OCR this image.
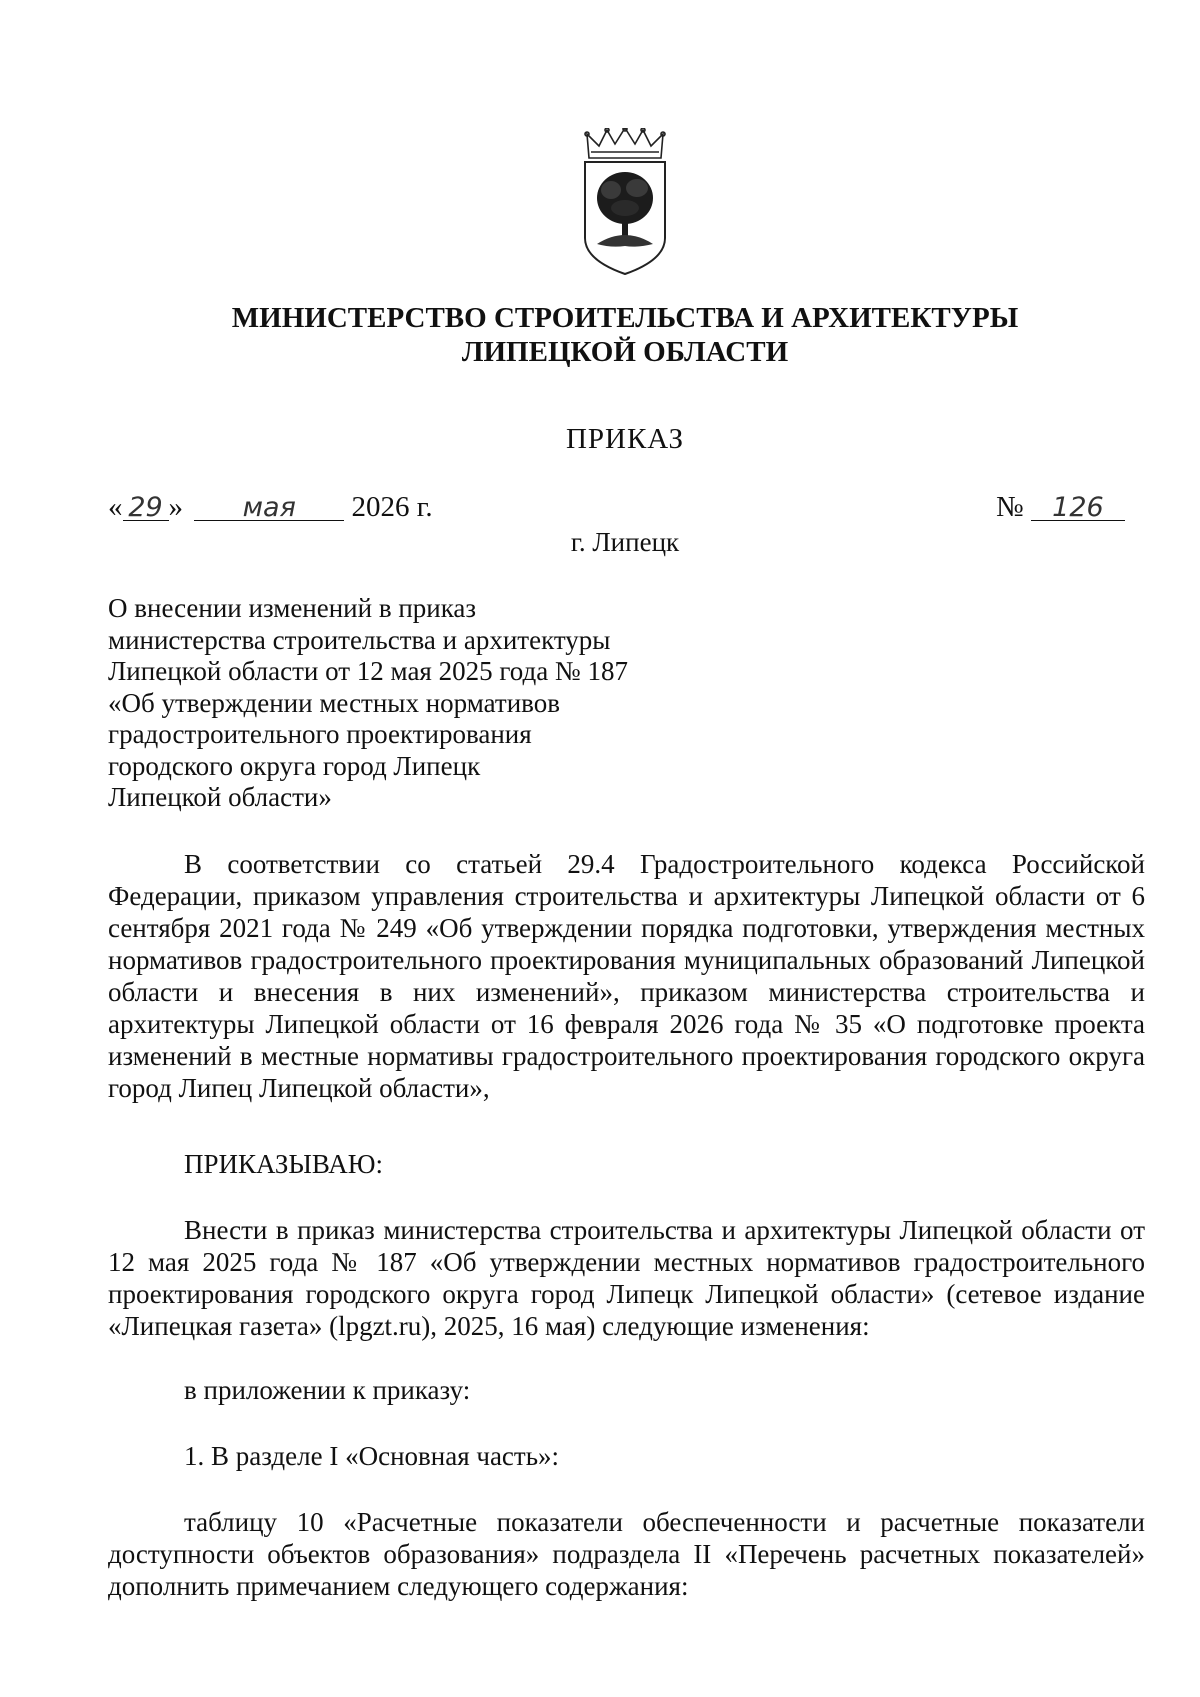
МИНИСТЕРСТВО СТРОИТЕЛЬСТВА И АРХИТЕКТУРЫ
ЛИПЕЦКОЙ ОБЛАСТИ
ПРИКАЗ
« 29 » мая 2026 г.	№ 126
г. Липецк
О внесении изменений в приказ
министерства строительства и архитектуры
Липецкой области от 12 мая 2025 года № 187
«Об утверждении местных нормативов
градостроительного проектирования
городского округа город Липецк
Липецкой области»
В соответствии со статьей 29.4 Градостроительного кодекса Российской Федерации, приказом управления строительства и архитектуры Липецкой области от 6 сентября 2021 года № 249 «Об утверждении порядка подготовки, утверждения местных нормативов градостроительного проектирования муниципальных образований Липецкой области и внесения в них изменений», приказом министерства строительства и архитектуры Липецкой области от 16 февраля 2026 года № 35 «О подготовке проекта изменений в местные нормативы градостроительного проектирования городского округа город Липец Липецкой области»,
ПРИКАЗЫВАЮ:
Внести в приказ министерства строительства и архитектуры Липецкой области от 12 мая 2025 года № 187 «Об утверждении местных нормативов градостроительного проектирования городского округа город Липецк Липецкой области» (сетевое издание «Липецкая газета» (lpgzt.ru), 2025, 16 мая) следующие изменения:
в приложении к приказу:
1. В разделе I «Основная часть»:
таблицу 10 «Расчетные показатели обеспеченности и расчетные показатели доступности объектов образования» подраздела II «Перечень расчетных показателей» дополнить примечанием следующего содержания:
